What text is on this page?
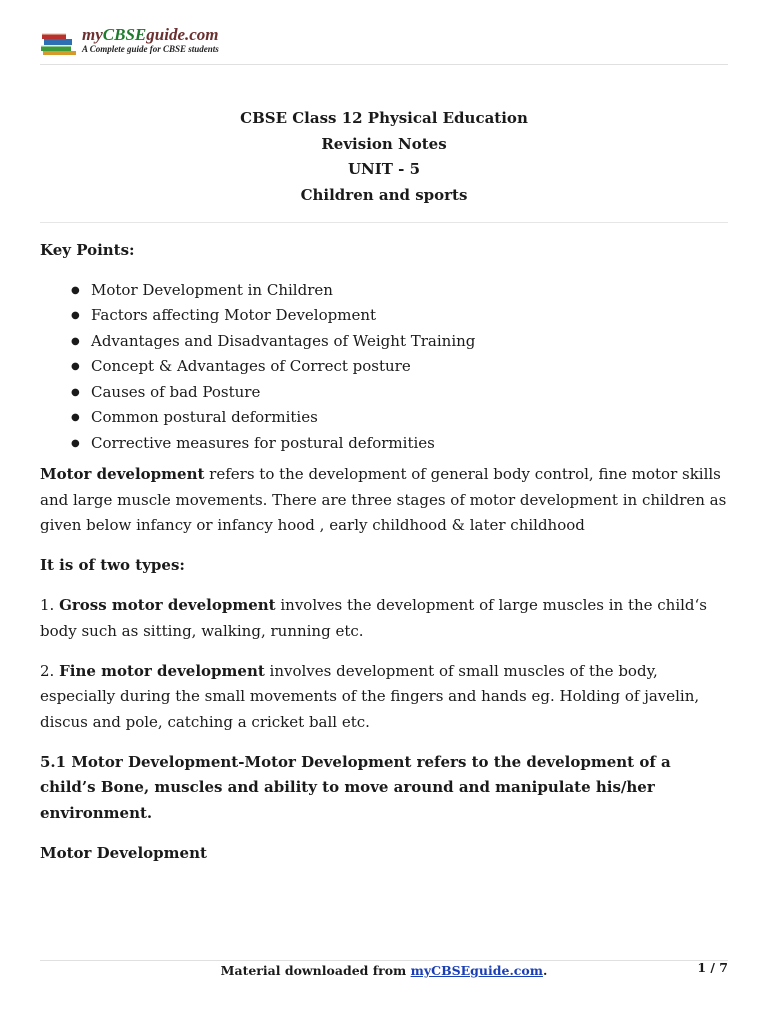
myCBSEguide.com
A Complete guide for CBSE students
CBSE Class 12 Physical Education
Revision Notes
UNIT - 5
Children and sports

Key Points:

● Motor Development in Children
● Factors affecting Motor Development
● Advantages and Disadvantages of Weight Training
● Concept & Advantages of Correct posture
● Causes of bad Posture
● Common postural deformities
● Corrective measures for postural deformities

Motor development refers to the development of general body control, fine motor skills and large muscle movements. There are three stages of motor development in children as given below infancy or infancy hood , early childhood & later childhood

It is of two types:

1. Gross motor development involves the development of large muscles in the child‘s body such as sitting, walking, running etc.

2. Fine motor development involves development of small muscles of the body, especially during the small movements of the fingers and hands eg. Holding of javelin, discus and pole, catching a cricket ball etc.

5.1 Motor Development-Motor Development refers to the development of a child’s Bone, muscles and ability to move around and manipulate his/her environment.

Motor Development

Material downloaded from myCBSEguide.com.	1 / 7
